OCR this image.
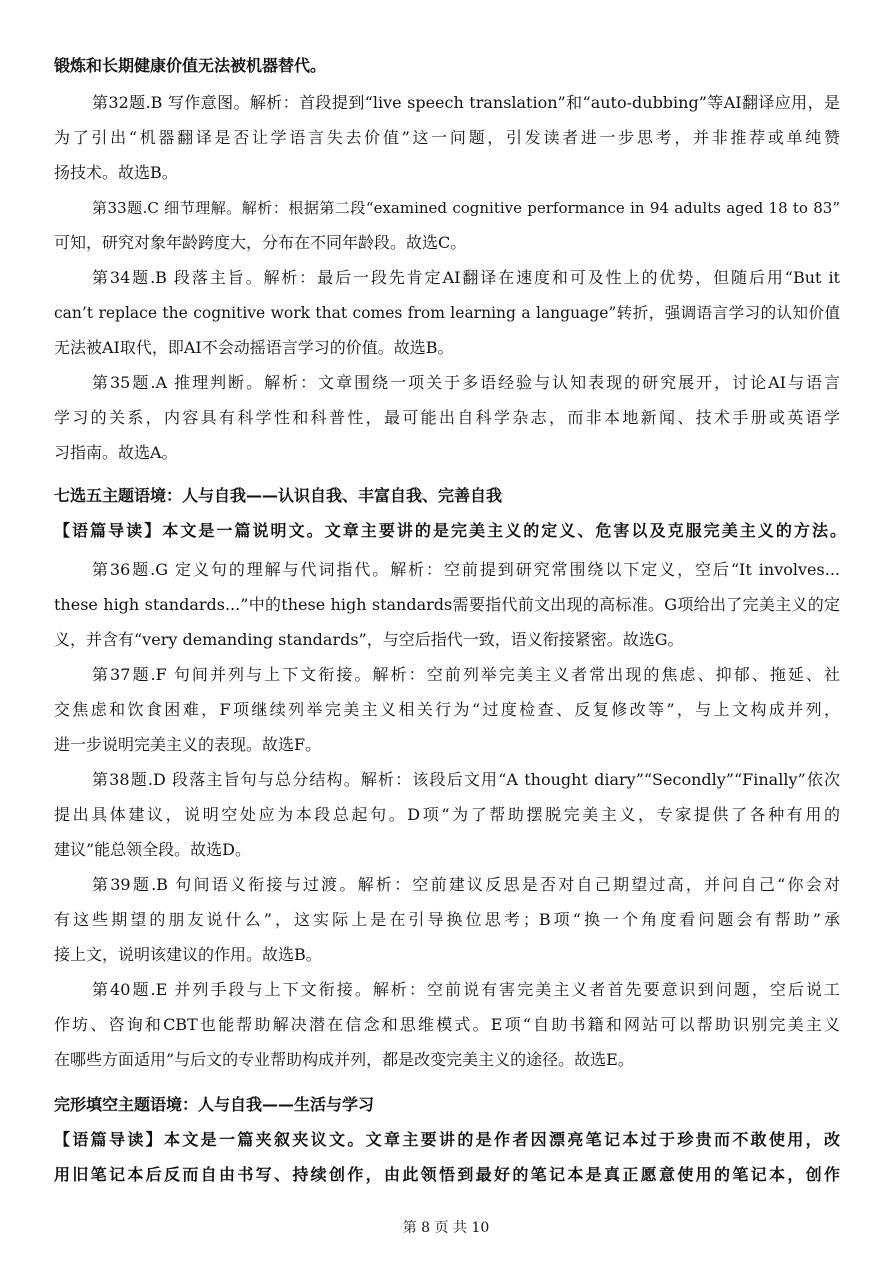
锻炼和长期健康价值无法被机器替代。
第32题.B 写作意图。解析：首段提到“live speech translation”和“auto-dubbing”等AI翻译应用，是
为了引出“机器翻译是否让学语言失去价值”这一问题，引发读者进一步思考，并非推荐或单纯赞
扬技术。故选B。
第33题.C 细节理解。解析：根据第二段“examined cognitive performance in 94 adults aged 18 to 83”
可知，研究对象年龄跨度大，分布在不同年龄段。故选C。
第34题.B 段落主旨。解析：最后一段先肯定AI翻译在速度和可及性上的优势，但随后用“But it
can’t replace the cognitive work that comes from learning a language”转折，强调语言学习的认知价值
无法被AI取代，即AI不会动摇语言学习的价值。故选B。
第35题.A 推理判断。解析：文章围绕一项关于多语经验与认知表现的研究展开，讨论AI与语言
学习的关系，内容具有科学性和科普性，最可能出自科学杂志，而非本地新闻、技术手册或英语学
习指南。故选A。
七选五主题语境：人与自我——认识自我、丰富自我、完善自我
【语篇导读】本文是一篇说明文。文章主要讲的是完美主义的定义、危害以及克服完美主义的方法。
第36题.G 定义句的理解与代词指代。解析：空前提到研究常围绕以下定义，空后“It involves...
these high standards...”中的these high standards需要指代前文出现的高标准。G项给出了完美主义的定
义，并含有“very demanding standards”，与空后指代一致，语义衔接紧密。故选G。
第37题.F 句间并列与上下文衔接。解析：空前列举完美主义者常出现的焦虑、抑郁、拖延、社
交焦虑和饮食困难，F项继续列举完美主义相关行为“过度检查、反复修改等”，与上文构成并列，
进一步说明完美主义的表现。故选F。
第38题.D 段落主旨句与总分结构。解析：该段后文用“A thought diary”“Secondly”“Finally”依次
提出具体建议，说明空处应为本段总起句。D项“为了帮助摆脱完美主义，专家提供了各种有用的
建议”能总领全段。故选D。
第39题.B 句间语义衔接与过渡。解析：空前建议反思是否对自己期望过高，并问自己“你会对
有这些期望的朋友说什么”，这实际上是在引导换位思考；B项“换一个角度看问题会有帮助”承
接上文，说明该建议的作用。故选B。
第40题.E 并列手段与上下文衔接。解析：空前说有害完美主义者首先要意识到问题，空后说工
作坊、咨询和CBT也能帮助解决潜在信念和思维模式。E项“自助书籍和网站可以帮助识别完美主义
在哪些方面适用”与后文的专业帮助构成并列，都是改变完美主义的途径。故选E。
完形填空主题语境：人与自我——生活与学习
【语篇导读】本文是一篇夹叙夹议文。文章主要讲的是作者因漂亮笔记本过于珍贵而不敢使用，改
用旧笔记本后反而自由书写、持续创作，由此领悟到最好的笔记本是真正愿意使用的笔记本，创作
第 8 页 共 10
